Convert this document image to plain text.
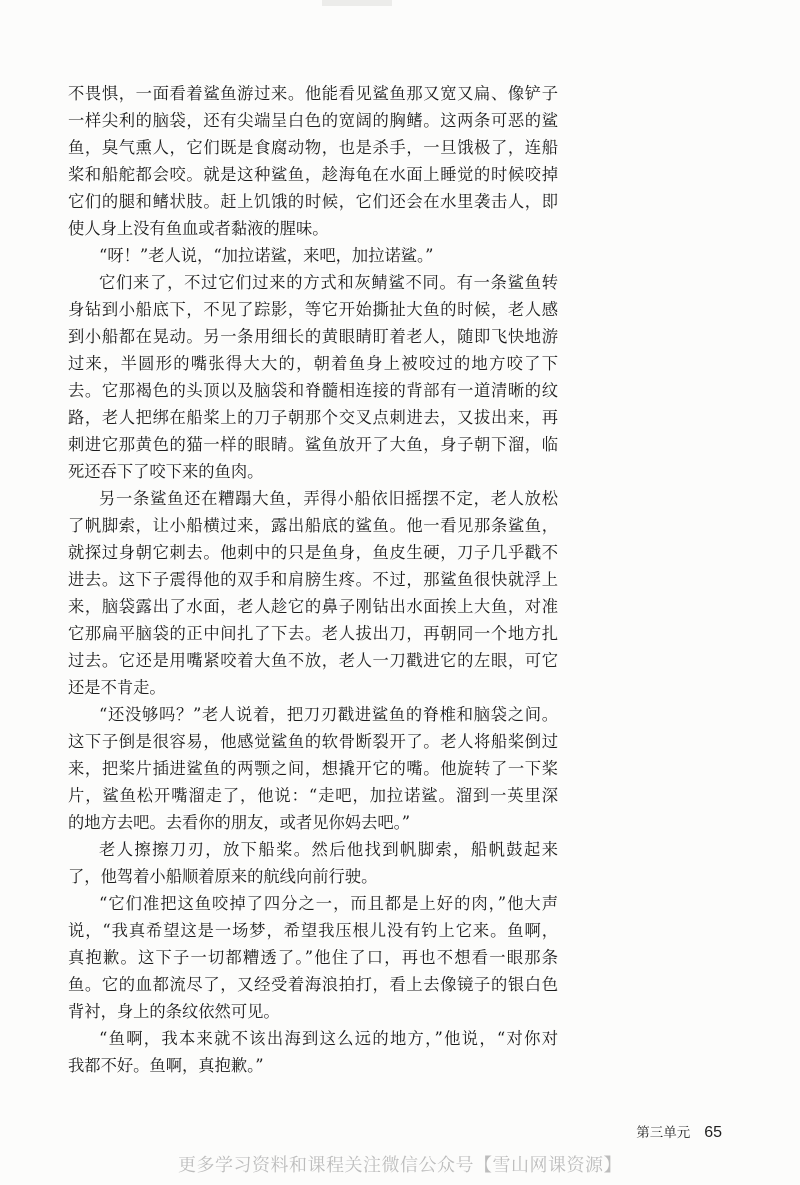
不畏惧，一面看着鲨鱼游过来。他能看见鲨鱼那又宽又扁、像铲子
一样尖利的脑袋，还有尖端呈白色的宽阔的胸鳍。这两条可恶的鲨
鱼，臭气熏人，它们既是食腐动物，也是杀手，一旦饿极了，连船
桨和船舵都会咬。就是这种鲨鱼，趁海龟在水面上睡觉的时候咬掉
它们的腿和鳍状肢。赶上饥饿的时候，它们还会在水里袭击人，即
使人身上没有鱼血或者黏液的腥味。
“呀！”老人说，“加拉诺鲨，来吧，加拉诺鲨。”
它们来了，不过它们过来的方式和灰鲭鲨不同。有一条鲨鱼转
身钻到小船底下，不见了踪影，等它开始撕扯大鱼的时候，老人感
到小船都在晃动。另一条用细长的黄眼睛盯着老人，随即飞快地游
过来，半圆形的嘴张得大大的，朝着鱼身上被咬过的地方咬了下
去。它那褐色的头顶以及脑袋和脊髓相连接的背部有一道清晰的纹
路，老人把绑在船桨上的刀子朝那个交叉点刺进去，又拔出来，再
刺进它那黄色的猫一样的眼睛。鲨鱼放开了大鱼，身子朝下溜，临
死还吞下了咬下来的鱼肉。
另一条鲨鱼还在糟蹋大鱼，弄得小船依旧摇摆不定，老人放松
了帆脚索，让小船横过来，露出船底的鲨鱼。他一看见那条鲨鱼，
就探过身朝它刺去。他刺中的只是鱼身，鱼皮生硬，刀子几乎戳不
进去。这下子震得他的双手和肩膀生疼。不过，那鲨鱼很快就浮上
来，脑袋露出了水面，老人趁它的鼻子刚钻出水面挨上大鱼，对准
它那扁平脑袋的正中间扎了下去。老人拔出刀，再朝同一个地方扎
过去。它还是用嘴紧咬着大鱼不放，老人一刀戳进它的左眼，可它
还是不肯走。
“还没够吗？”老人说着，把刀刃戳进鲨鱼的脊椎和脑袋之间。
这下子倒是很容易，他感觉鲨鱼的软骨断裂开了。老人将船桨倒过
来，把桨片插进鲨鱼的两颚之间，想撬开它的嘴。他旋转了一下桨
片，鲨鱼松开嘴溜走了，他说：“走吧，加拉诺鲨。溜到一英里深
的地方去吧。去看你的朋友，或者见你妈去吧。”
老人擦擦刀刃，放下船桨。然后他找到帆脚索，船帆鼓起来
了，他驾着小船顺着原来的航线向前行驶。
“它们准把这鱼咬掉了四分之一，而且都是上好的肉，”他大声
说，“我真希望这是一场梦，希望我压根儿没有钓上它来。鱼啊，
真抱歉。这下子一切都糟透了。”他住了口，再也不想看一眼那条
鱼。它的血都流尽了，又经受着海浪拍打，看上去像镜子的银白色
背衬，身上的条纹依然可见。
“鱼啊，我本来就不该出海到这么远的地方，”他说，“对你对
我都不好。鱼啊，真抱歉。”
第三单元 65
更多学习资料和课程关注微信公众号【雪山网课资源】
